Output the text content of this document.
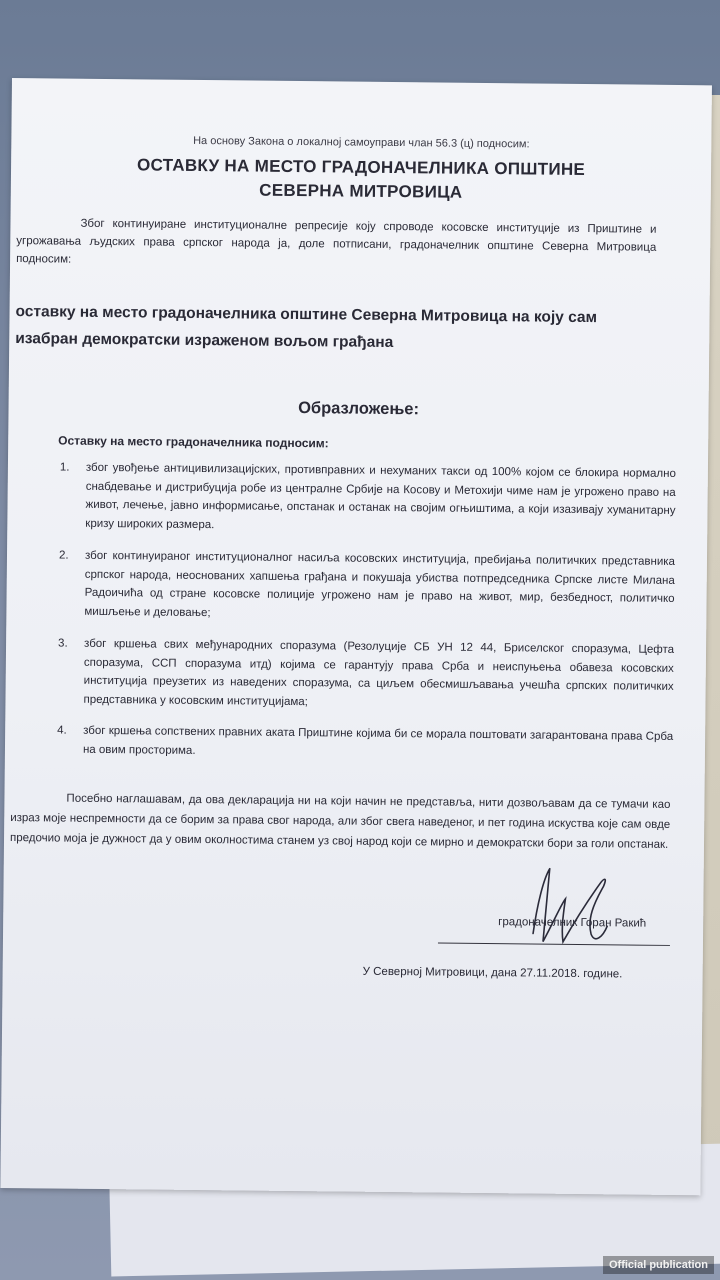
На основу Закона о локалној самоуправи члан 56.3 (ц) подносим:
ОСТАВКУ НА МЕСТО ГРАДОНАЧЕЛНИКА ОПШТИНЕ
СЕВЕРНА МИТРОВИЦА
Због континуиране институционалне репресије коју спроводе косовске институције из Приштине и угрожавања људских права српског народа ја, доле потписани, градоначелник општине Северна Митровица подносим:
оставку на место градоначелника општине Северна Митровица на коју сам изабран демократски израженом вољом грађана
Образложење:
Оставку на место градоначелника подносим:
1.	због увођење антицивилизацијских, противправних и нехуманих такси од 100% којом се блокира нормално снабдевање и дистрибуција робе из централне Србије на Косову и Метохији чиме нам је угрожено право на живот, лечење, јавно информисање, опстанак и останак на својим огњиштима, а који изазивају хуманитарну кризу широких размера.
2.	због континуираног институционалног насиља косовских институција, пребијања политичких представника српског народа, неоснованих хапшења грађана и покушаја убиства потпредседника Српске листе Милана Радоичића од стране косовске полиције угрожено нам је право на живот, мир, безбедност, политичко мишљење и деловање;
3.	због кршења свих међународних споразума (Резолуције СБ УН 12 44, Бриселског споразума, Цефта споразума, ССП споразума итд) којима се гарантују права Срба и неиспуњења обавеза косовских институција преузетих из наведених споразума, са циљем обесмишљавања учешћа српских политичких представника у косовским институцијама;
4.	због кршења сопствених правних аката Приштине којима би се морала поштовати загарантована права Срба на овим просторима.
Посебно наглашавам, да ова декларација ни на који начин не представља, нити дозвољавам да се тумачи као израз моје неспремности да се борим за права свог народа, али због свега наведеног, и пет година искуства које сам овде предочио моја је дужност да у овим околностима станем уз свој народ који се мирно и демократски бори за голи опстанак.
градоначелник Горан Ракић
У Северној Митровици, дана 27.11.2018. године.
Official publication
